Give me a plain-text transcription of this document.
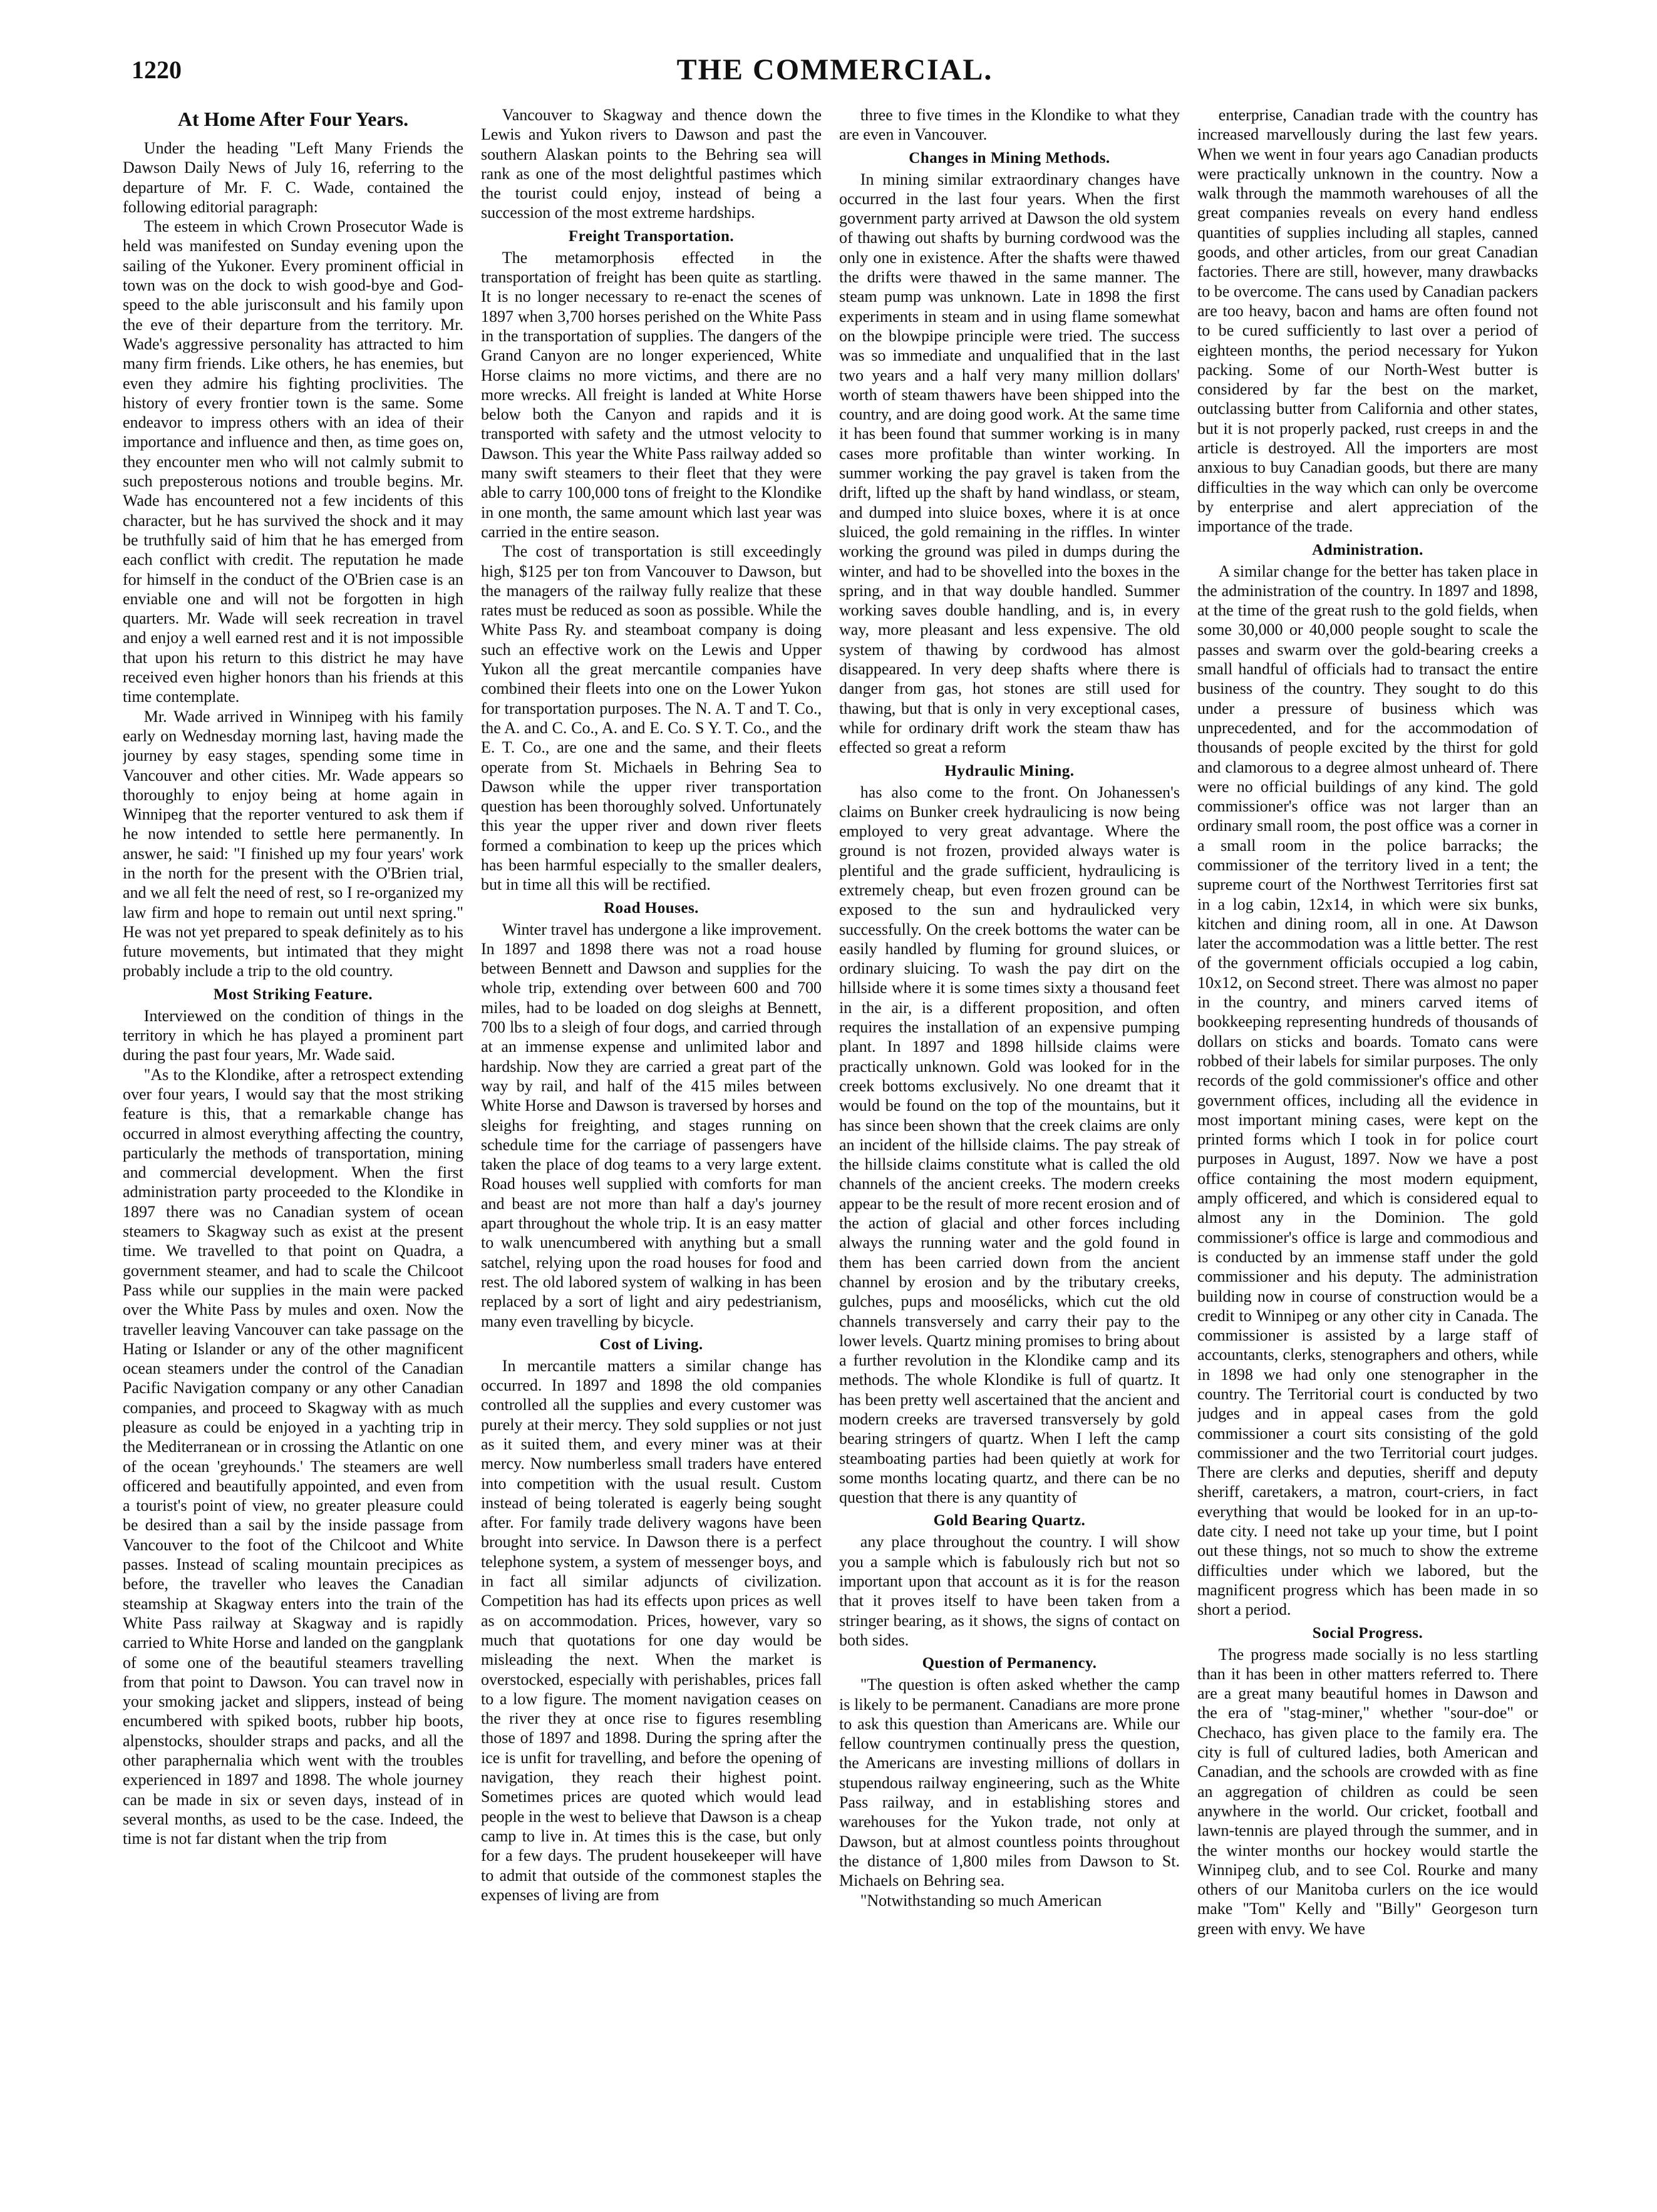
1220	THE COMMERCIAL.
At Home After Four Years.

Under the heading "Left Many Friends the Dawson Daily News of July 16, referring to the departure of Mr. F. C. Wade, contained the following editorial paragraph:

The esteem in which Crown Prosecutor Wade is held was manifested on Sunday evening upon the sailing of the Yukoner. Every prominent official in town was on the dock to wish good-bye and God-speed to the able jurisconsult and his family upon the eve of their departure from the territory. Mr. Wade's aggressive personality has attracted to him many firm friends. Like others, he has enemies, but even they admire his fighting proclivities. The history of every frontier town is the same. Some endeavor to impress others with an idea of their importance and influence and then, as time goes on, they encounter men who will not calmly submit to such preposterous notions and trouble begins. Mr. Wade has encountered not a few incidents of this character, but he has survived the shock and it may be truthfully said of him that he has emerged from each conflict with credit. The reputation he made for himself in the conduct of the O'Brien case is an enviable one and will not be forgotten in high quarters. Mr. Wade will seek recreation in travel and enjoy a well earned rest and it is not impossible that upon his return to this district he may have received even higher honors than his friends at this time contemplate.

Mr. Wade arrived in Winnipeg with his family early on Wednesday morning last, having made the journey by easy stages, spending some time in Vancouver and other cities. Mr. Wade appears so thoroughly to enjoy being at home again in Winnipeg that the reporter ventured to ask them if he now intended to settle here permanently. In answer, he said: "I finished up my four years' work in the north for the present with the O'Brien trial, and we all felt the need of rest, so I re-organized my law firm and hope to remain out until next spring." He was not yet prepared to speak definitely as to his future movements, but intimated that they might probably include a trip to the old country.

Most Striking Feature.

Interviewed on the condition of things in the territory in which he has played a prominent part during the past four years, Mr. Wade said.

"As to the Klondike, after a retrospect extending over four years, I would say that the most striking feature is this, that a remarkable change has occurred in almost everything affecting the country, particularly the methods of transportation, mining and commercial development. When the first administration party proceeded to the Klondike in 1897 there was no Canadian system of ocean steamers to Skagway such as exist at the present time. We travelled to that point on Quadra, a government steamer, and had to scale the Chilcoot Pass while our supplies in the main were packed over the White Pass by mules and oxen. Now the traveller leaving Vancouver can take passage on the Hating or Islander or any of the other magnificent ocean steamers under the control of the Canadian Pacific Navigation company or any other Canadian companies, and proceed to Skagway with as much pleasure as could be enjoyed in a yachting trip in the Mediterranean or in crossing the Atlantic on one of the ocean 'greyhounds.' The steamers are well officered and beautifully appointed, and even from a tourist's point of view, no greater pleasure could be desired than a sail by the inside passage from Vancouver to the foot of the Chilcoot and White passes. Instead of scaling mountain precipices as before, the traveller who leaves the Canadian steamship at Skagway enters into the train of the White Pass railway at Skagway and is rapidly carried to White Horse and landed on the gangplank of some one of the beautiful steamers travelling from that point to Dawson. You can travel now in your smoking jacket and slippers, instead of being encumbered with spiked boots, rubber hip boots, alpenstocks, shoulder straps and packs, and all the other paraphernalia which went with the troubles experienced in 1897 and 1898. The whole journey can be made in six or seven days, instead of in several months, as used to be the case. Indeed, the time is not far distant when the trip from

Vancouver to Skagway and thence down the Lewis and Yukon rivers to Dawson and past the southern Alaskan points to the Behring sea will rank as one of the most delightful pastimes which the tourist could enjoy, instead of being a succession of the most extreme hardships.

Freight Transportation.

The metamorphosis effected in the transportation of freight has been quite as startling. It is no longer necessary to re-enact the scenes of 1897 when 3,700 horses perished on the White Pass in the transportation of supplies. The dangers of the Grand Canyon are no longer experienced, White Horse claims no more victims, and there are no more wrecks. All freight is landed at White Horse below both the Canyon and rapids and it is transported with safety and the utmost velocity to Dawson. This year the White Pass railway added so many swift steamers to their fleet that they were able to carry 100,000 tons of freight to the Klondike in one month, the same amount which last year was carried in the entire season.

The cost of transportation is still exceedingly high, $125 per ton from Vancouver to Dawson, but the managers of the railway fully realize that these rates must be reduced as soon as possible. While the White Pass Ry. and steamboat company is doing such an effective work on the Lewis and Upper Yukon all the great mercantile companies have combined their fleets into one on the Lower Yukon for transportation purposes. The N. A. T and T. Co., the A. and C. Co., A. and E. Co. S Y. T. Co., and the E. T. Co., are one and the same, and their fleets operate from St. Michaels in Behring Sea to Dawson while the upper river transportation question has been thoroughly solved. Unfortunately this year the upper river and down river fleets formed a combination to keep up the prices which has been harmful especially to the smaller dealers, but in time all this will be rectified.

Road Houses.

Winter travel has undergone a like improvement. In 1897 and 1898 there was not a road house between Bennett and Dawson and supplies for the whole trip, extending over between 600 and 700 miles, had to be loaded on dog sleighs at Bennett, 700 lbs to a sleigh of four dogs, and carried through at an immense expense and unlimited labor and hardship. Now they are carried a great part of the way by rail, and half of the 415 miles between White Horse and Dawson is traversed by horses and sleighs for freighting, and stages running on schedule time for the carriage of passengers have taken the place of dog teams to a very large extent. Road houses well supplied with comforts for man and beast are not more than half a day's journey apart throughout the whole trip. It is an easy matter to walk unencumbered with anything but a small satchel, relying upon the road houses for food and rest. The old labored system of walking in has been replaced by a sort of light and airy pedestrianism, many even travelling by bicycle.

Cost of Living.

In mercantile matters a similar change has occurred. In 1897 and 1898 the old companies controlled all the supplies and every customer was purely at their mercy. They sold supplies or not just as it suited them, and every miner was at their mercy. Now numberless small traders have entered into competition with the usual result. Custom instead of being tolerated is eagerly being sought after. For family trade delivery wagons have been brought into service. In Dawson there is a perfect telephone system, a system of messenger boys, and in fact all similar adjuncts of civilization. Competition has had its effects upon prices as well as on accommodation. Prices, however, vary so much that quotations for one day would be misleading the next. When the market is overstocked, especially with perishables, prices fall to a low figure. The moment navigation ceases on the river they at once rise to figures resembling those of 1897 and 1898. During the spring after the ice is unfit for travelling, and before the opening of navigation, they reach their highest point. Sometimes prices are quoted which would lead people in the west to believe that Dawson is a cheap camp to live in. At times this is the case, but only for a few days. The prudent housekeeper will have to admit that outside of the commonest staples the expenses of living are from

three to five times in the Klondike to what they are even in Vancouver.

Changes in Mining Methods.

In mining similar extraordinary changes have occurred in the last four years. When the first government party arrived at Dawson the old system of thawing out shafts by burning cordwood was the only one in existence. After the shafts were thawed the drifts were thawed in the same manner. The steam pump was unknown. Late in 1898 the first experiments in steam and in using flame somewhat on the blowpipe principle were tried. The success was so immediate and unqualified that in the last two years and a half very many million dollars' worth of steam thawers have been shipped into the country, and are doing good work. At the same time it has been found that summer working is in many cases more profitable than winter working. In summer working the pay gravel is taken from the drift, lifted up the shaft by hand windlass, or steam, and dumped into sluice boxes, where it is at once sluiced, the gold remaining in the riffles. In winter working the ground was piled in dumps during the winter, and had to be shovelled into the boxes in the spring, and in that way double handled. Summer working saves double handling, and is, in every way, more pleasant and less expensive. The old system of thawing by cordwood has almost disappeared. In very deep shafts where there is danger from gas, hot stones are still used for thawing, but that is only in very exceptional cases, while for ordinary drift work the steam thaw has effected so great a reform

Hydraulic Mining.

has also come to the front. On Johanessen's claims on Bunker creek hydraulicing is now being employed to very great advantage. Where the ground is not frozen, provided always water is plentiful and the grade sufficient, hydraulicing is extremely cheap, but even frozen ground can be exposed to the sun and hydraulicked very successfully. On the creek bottoms the water can be easily handled by fluming for ground sluices, or ordinary sluicing. To wash the pay dirt on the hillside where it is some times sixty a thousand feet in the air, is a different proposition, and often requires the installation of an expensive pumping plant. In 1897 and 1898 hillside claims were practically unknown. Gold was looked for in the creek bottoms exclusively. No one dreamt that it would be found on the top of the mountains, but it has since been shown that the creek claims are only an incident of the hillside claims. The pay streak of the hillside claims constitute what is called the old channels of the ancient creeks. The modern creeks appear to be the result of more recent erosion and of the action of glacial and other forces including always the running water and the gold found in them has been carried down from the ancient channel by erosion and by the tributary creeks, gulches, pups and moosélicks, which cut the old channels transversely and carry their pay to the lower levels. Quartz mining promises to bring about a further revolution in the Klondike camp and its methods. The whole Klondike is full of quartz. It has been pretty well ascertained that the ancient and modern creeks are traversed transversely by gold bearing stringers of quartz. When I left the camp steamboating parties had been quietly at work for some months locating quartz, and there can be no question that there is any quantity of

Gold Bearing Quartz.

any place throughout the country. I will show you a sample which is fabulously rich but not so important upon that account as it is for the reason that it proves itself to have been taken from a stringer bearing, as it shows, the signs of contact on both sides.

Question of Permanency.

"The question is often asked whether the camp is likely to be permanent. Canadians are more prone to ask this question than Americans are. While our fellow countrymen continually press the question, the Americans are investing millions of dollars in stupendous railway engineering, such as the White Pass railway, and in establishing stores and warehouses for the Yukon trade, not only at Dawson, but at almost countless points throughout the distance of 1,800 miles from Dawson to St. Michaels on Behring sea.

"Notwithstanding so much American

enterprise, Canadian trade with the country has increased marvellously during the last few years. When we went in four years ago Canadian products were practically unknown in the country. Now a walk through the mammoth warehouses of all the great companies reveals on every hand endless quantities of supplies including all staples, canned goods, and other articles, from our great Canadian factories. There are still, however, many drawbacks to be overcome. The cans used by Canadian packers are too heavy, bacon and hams are often found not to be cured sufficiently to last over a period of eighteen months, the period necessary for Yukon packing. Some of our North-West butter is considered by far the best on the market, outclassing butter from California and other states, but it is not properly packed, rust creeps in and the article is destroyed. All the importers are most anxious to buy Canadian goods, but there are many difficulties in the way which can only be overcome by enterprise and alert appreciation of the importance of the trade.

Administration.

A similar change for the better has taken place in the administration of the country. In 1897 and 1898, at the time of the great rush to the gold fields, when some 30,000 or 40,000 people sought to scale the passes and swarm over the gold-bearing creeks a small handful of officials had to transact the entire business of the country. They sought to do this under a pressure of business which was unprecedented, and for the accommodation of thousands of people excited by the thirst for gold and clamorous to a degree almost unheard of. There were no official buildings of any kind. The gold commissioner's office was not larger than an ordinary small room, the post office was a corner in a small room in the police barracks; the commissioner of the territory lived in a tent; the supreme court of the Northwest Territories first sat in a log cabin, 12x14, in which were six bunks, kitchen and dining room, all in one. At Dawson later the accommodation was a little better. The rest of the government officials occupied a log cabin, 10x12, on Second street. There was almost no paper in the country, and miners carved items of bookkeeping representing hundreds of thousands of dollars on sticks and boards. Tomato cans were robbed of their labels for similar purposes. The only records of the gold commissioner's office and other government offices, including all the evidence in most important mining cases, were kept on the printed forms which I took in for police court purposes in August, 1897. Now we have a post office containing the most modern equipment, amply officered, and which is considered equal to almost any in the Dominion. The gold commissioner's office is large and commodious and is conducted by an immense staff under the gold commissioner and his deputy. The administration building now in course of construction would be a credit to Winnipeg or any other city in Canada. The commissioner is assisted by a large staff of accountants, clerks, stenographers and others, while in 1898 we had only one stenographer in the country. The Territorial court is conducted by two judges and in appeal cases from the gold commissioner a court sits consisting of the gold commissioner and the two Territorial court judges. There are clerks and deputies, sheriff and deputy sheriff, caretakers, a matron, court-criers, in fact everything that would be looked for in an up-to-date city. I need not take up your time, but I point out these things, not so much to show the extreme difficulties under which we labored, but the magnificent progress which has been made in so short a period.

Social Progress.

The progress made socially is no less startling than it has been in other matters referred to. There are a great many beautiful homes in Dawson and the era of "stag-miner," whether "sour-doe" or Chechaco, has given place to the family era. The city is full of cultured ladies, both American and Canadian, and the schools are crowded with as fine an aggregation of children as could be seen anywhere in the world. Our cricket, football and lawn-tennis are played through the summer, and in the winter months our hockey would startle the Winnipeg club, and to see Col. Rourke and many others of our Manitoba curlers on the ice would make "Tom" Kelly and "Billy" Georgeson turn green with envy. We have
